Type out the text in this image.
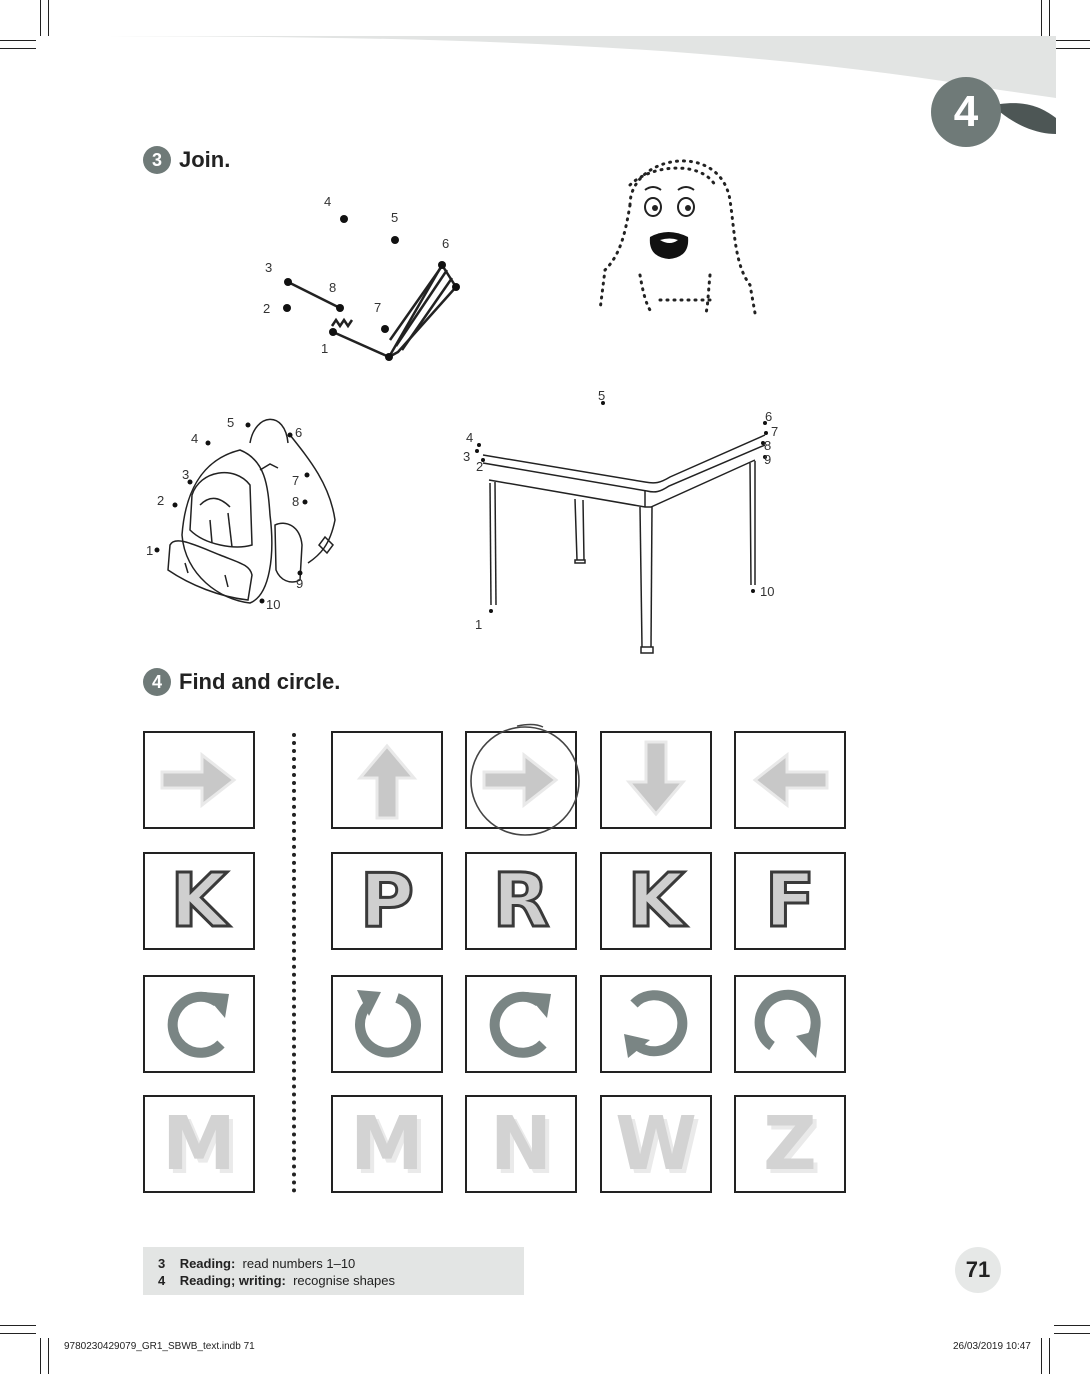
4
3 Join.
1
2
3
4
5
6
7
8
1
2
3
4
5
6
7
8
9
10
1
2
3
4
5
6
7
8
9
10
4 Find and circle.
K P R K F
M M N W Z
3 Reading: read numbers 1–10
4 Reading; writing: recognise shapes	71
9780230429079_GR1_SBWB_text.indb 71	26/03/2019 10:47
